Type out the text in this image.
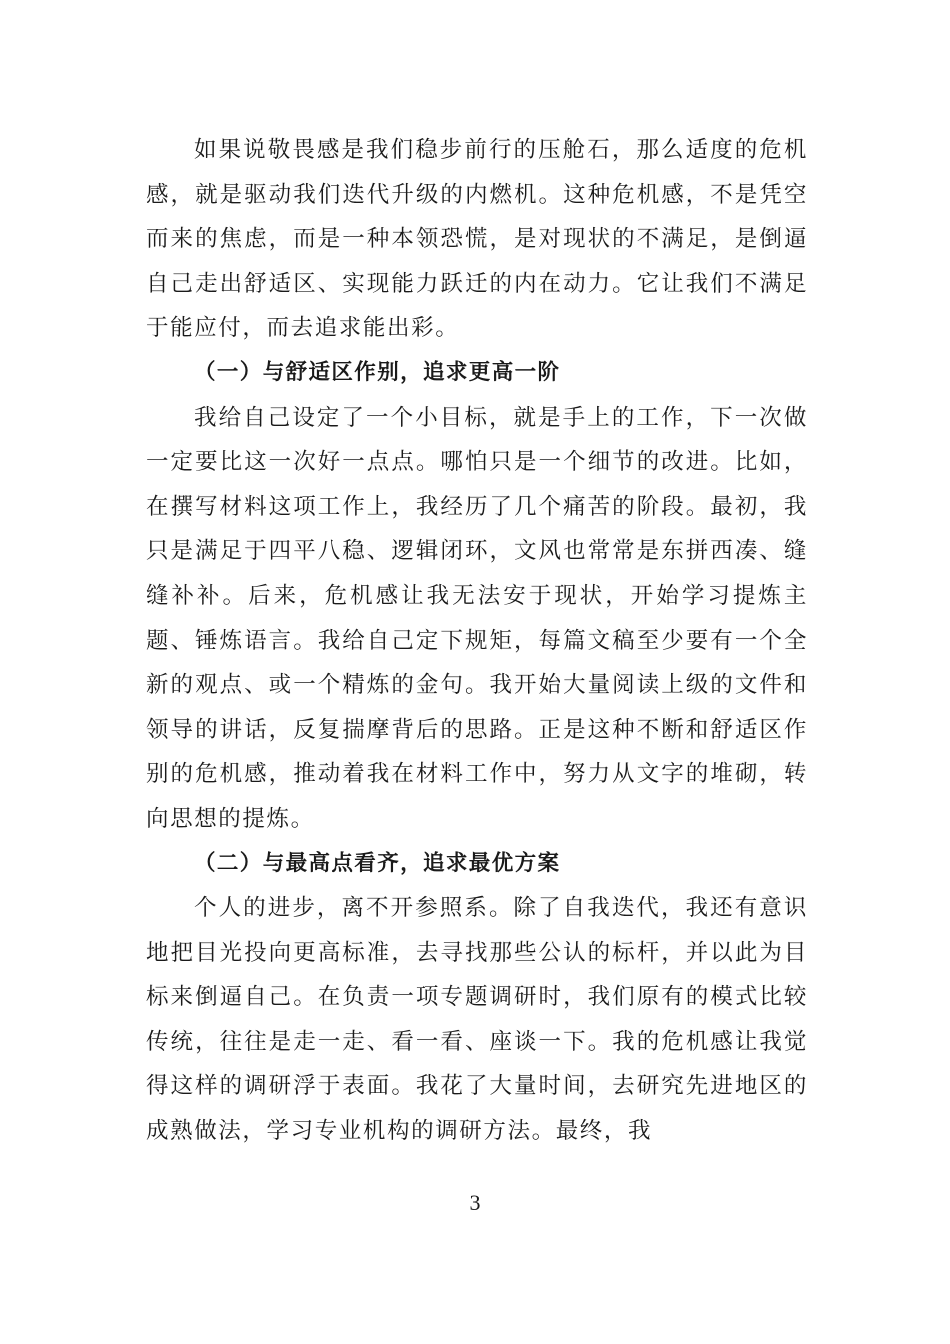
如果说敬畏感是我们稳步前行的压舱石，那么适度的危机感，就是驱动我们迭代升级的内燃机。这种危机感，不是凭空而来的焦虑，而是一种本领恐慌，是对现状的不满足，是倒逼自己走出舒适区、实现能力跃迁的内在动力。它让我们不满足于能应付，而去追求能出彩。

（一）与舒适区作别，追求更高一阶

我给自己设定了一个小目标，就是手上的工作，下一次做一定要比这一次好一点点。哪怕只是一个细节的改进。比如，在撰写材料这项工作上，我经历了几个痛苦的阶段。最初，我只是满足于四平八稳、逻辑闭环，文风也常常是东拼西凑、缝缝补补。后来，危机感让我无法安于现状，开始学习提炼主题、锤炼语言。我给自己定下规矩，每篇文稿至少要有一个全新的观点、或一个精炼的金句。我开始大量阅读上级的文件和领导的讲话，反复揣摩背后的思路。正是这种不断和舒适区作别的危机感，推动着我在材料工作中，努力从文字的堆砌，转向思想的提炼。

（二）与最高点看齐，追求最优方案

个人的进步，离不开参照系。除了自我迭代，我还有意识地把目光投向更高标准，去寻找那些公认的标杆，并以此为目标来倒逼自己。在负责一项专题调研时，我们原有的模式比较传统，往往是走一走、看一看、座谈一下。我的危机感让我觉得这样的调研浮于表面。我花了大量时间，去研究先进地区的成熟做法，学习专业机构的调研方法。最终，我

3
